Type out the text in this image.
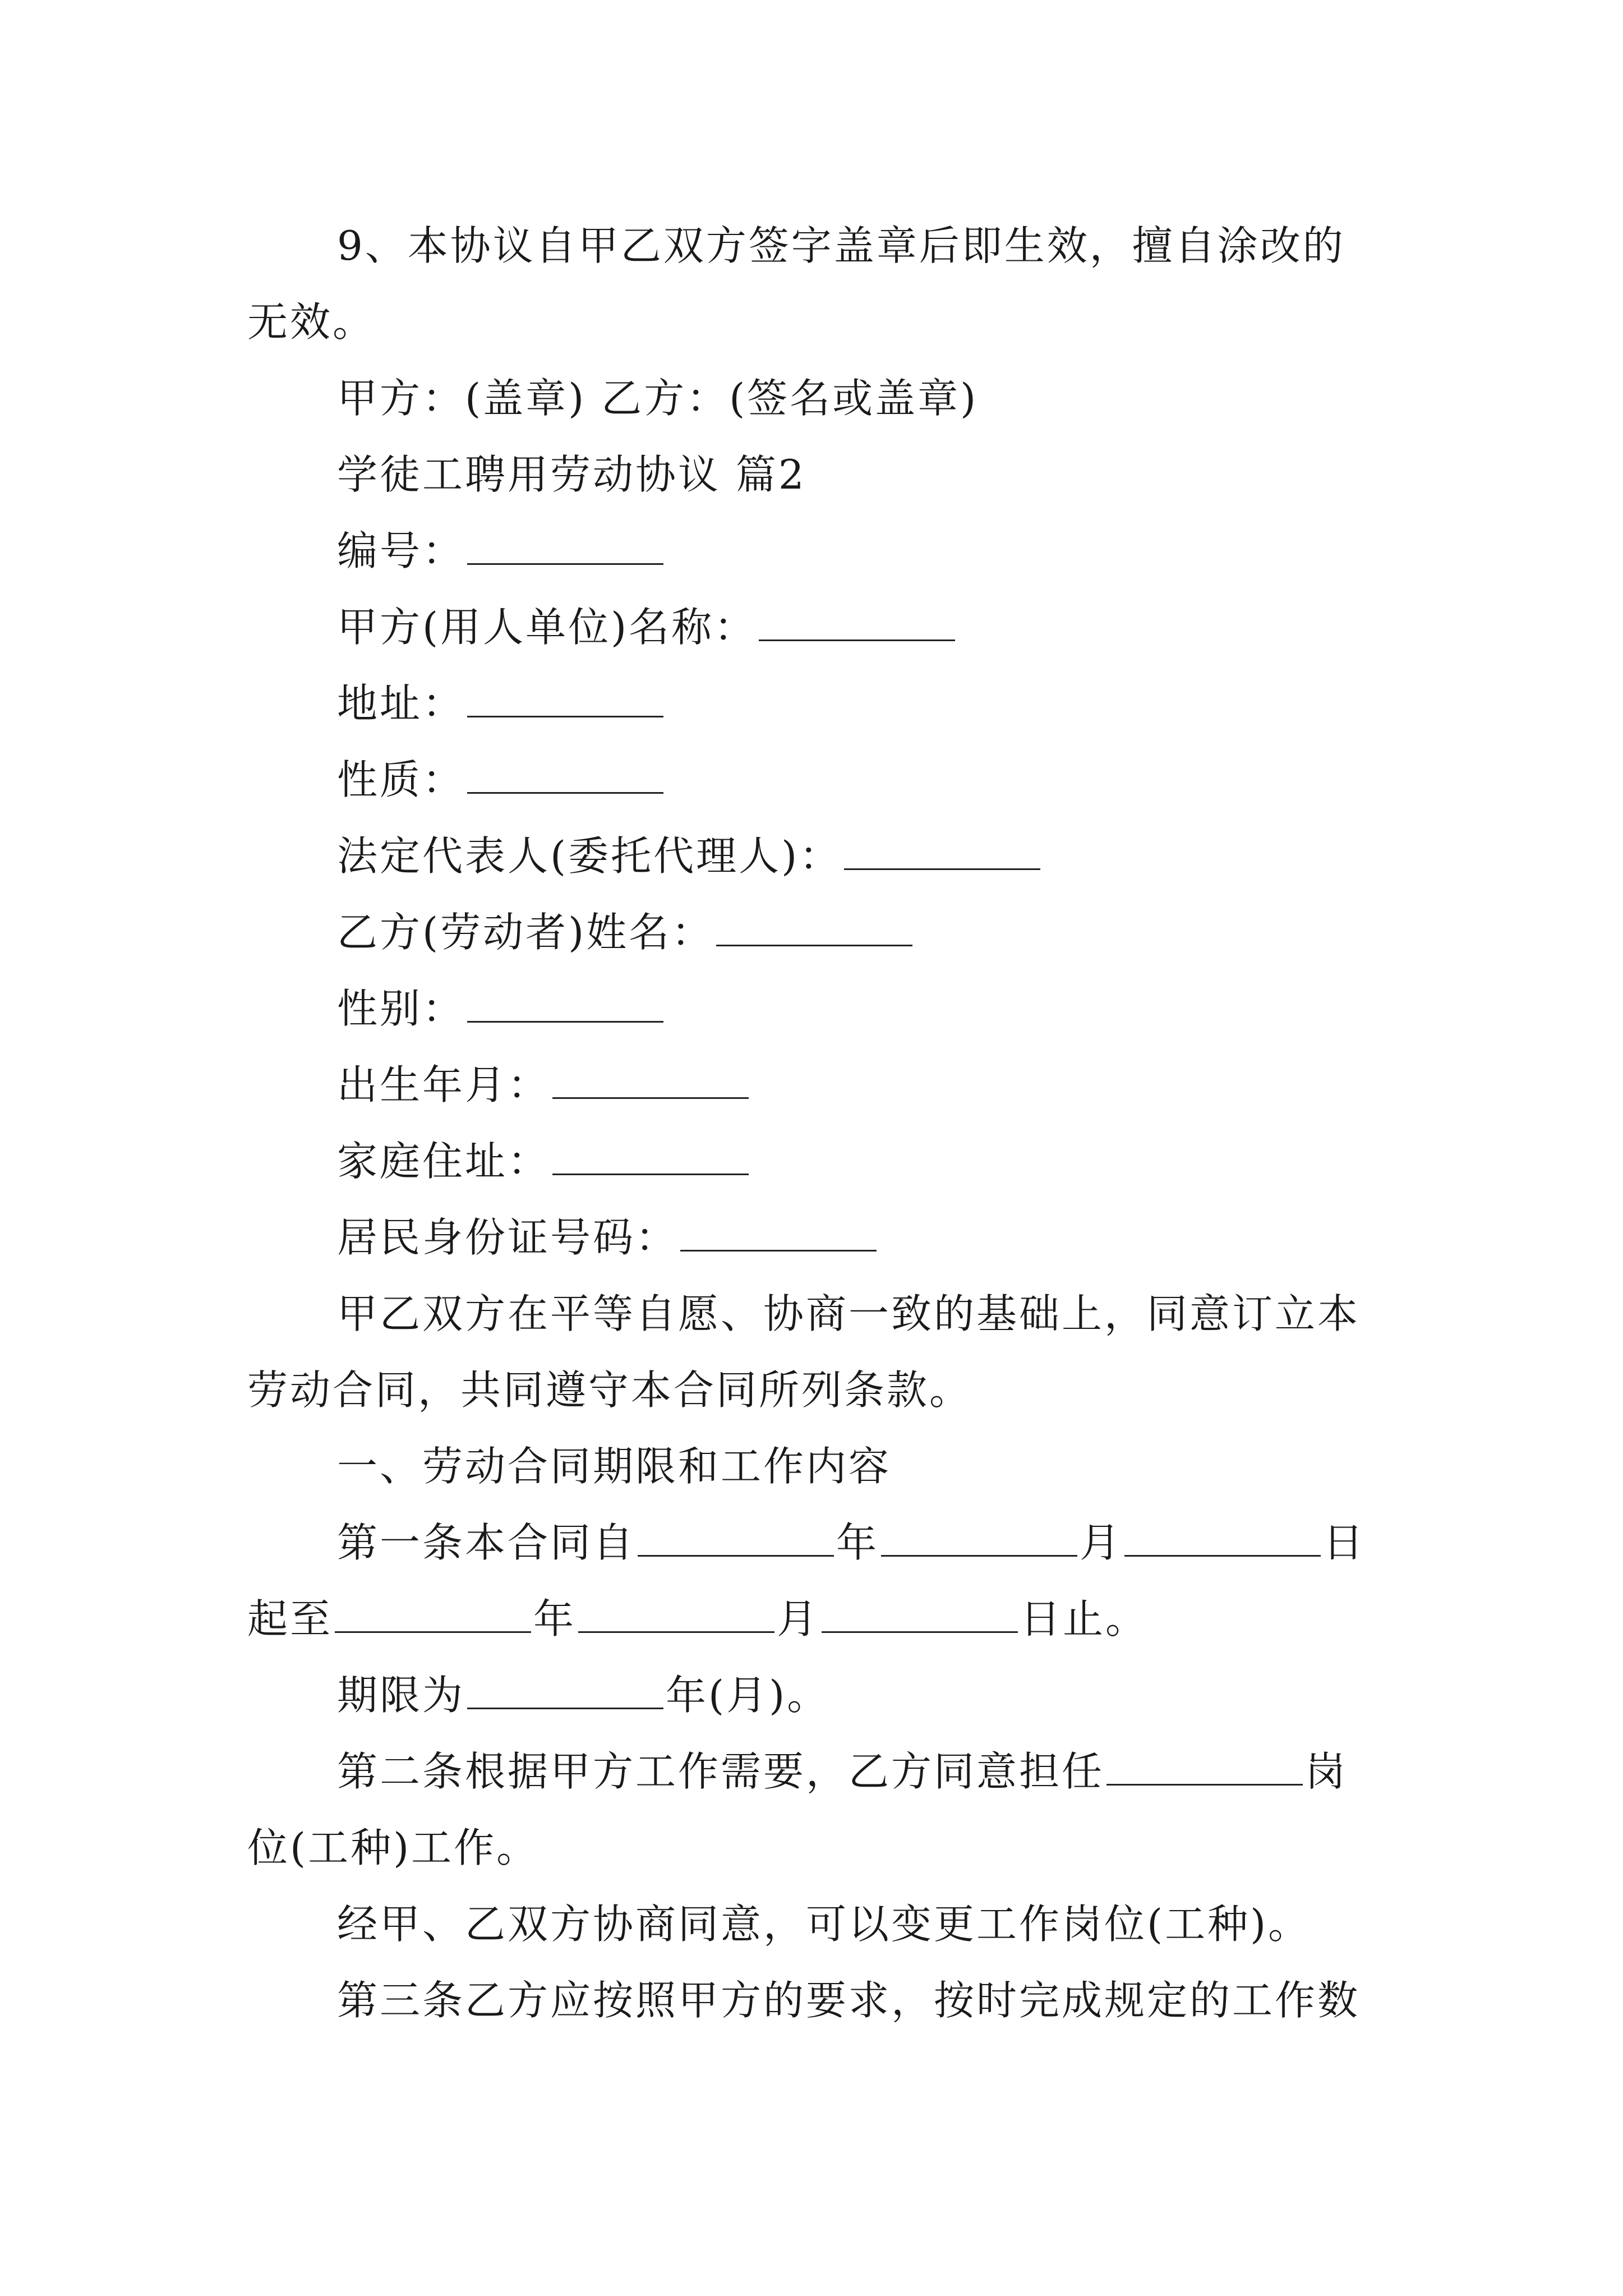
9、本协议自甲乙双方签字盖章后即生效，擅自涂改的
无效。
甲方：(盖章) 乙方：(签名或盖章)
学徒工聘用劳动协议 篇2
编号：
甲方(用人单位)名称：
地址：
性质：
法定代表人(委托代理人)：
乙方(劳动者)姓名：
性别：
出生年月：
家庭住址：
居民身份证号码：
甲乙双方在平等自愿、协商一致的基础上，同意订立本
劳动合同，共同遵守本合同所列条款。
一、劳动合同期限和工作内容
第一条本合同自	年	月	日
起至	年	月	日止。
期限为	年(月)。
第二条根据甲方工作需要，乙方同意担任	岗
位(工种)工作。
经甲、乙双方协商同意，可以变更工作岗位(工种)。
第三条乙方应按照甲方的要求，按时完成规定的工作数
